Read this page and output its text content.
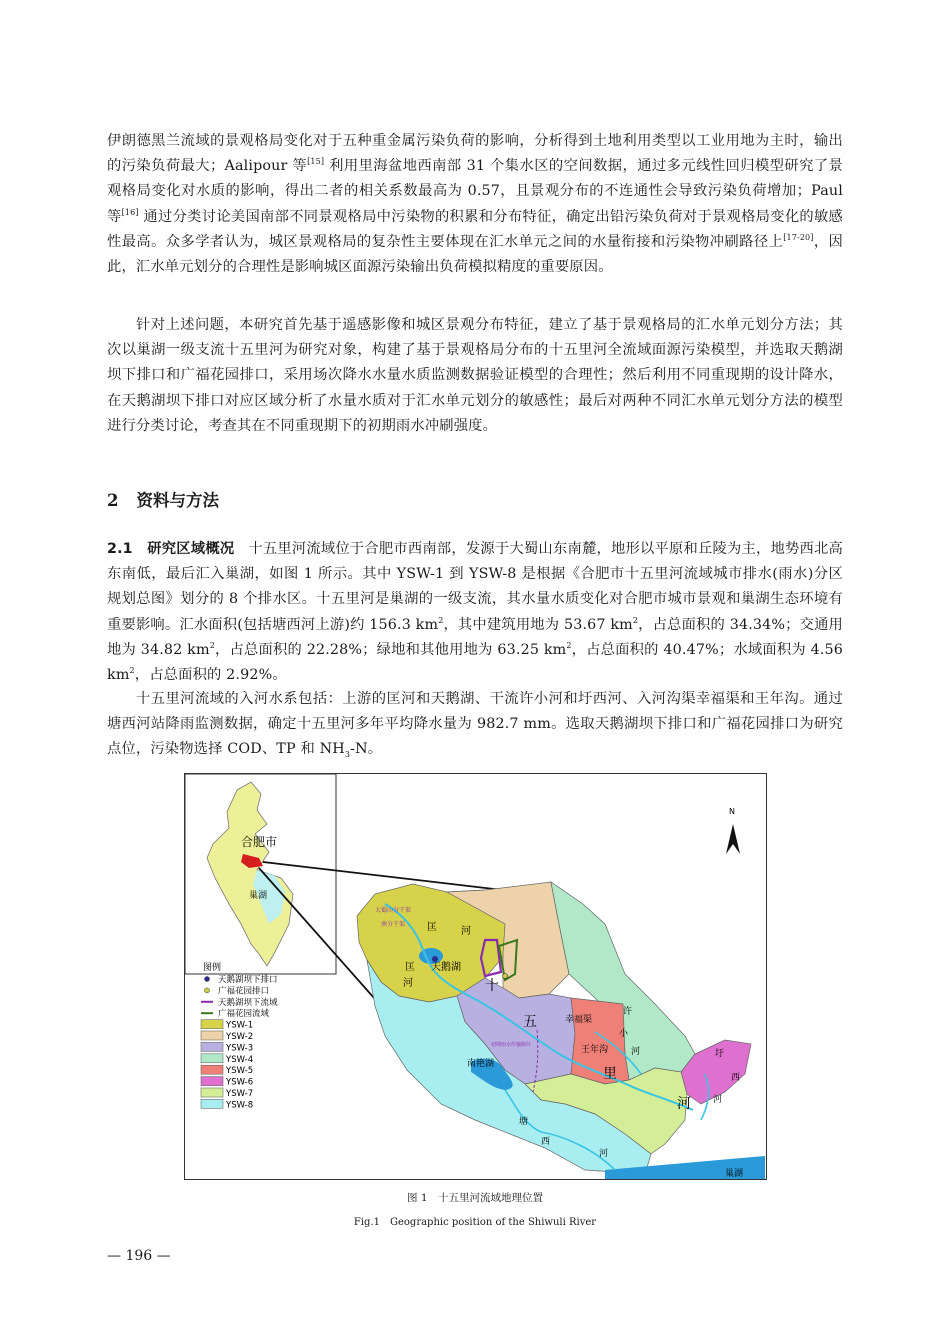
伊朗德黑兰流域的景观格局变化对于五种重金属污染负荷的影响，分析得到土地利用类型以工业用地为主时，输出的污染负荷最大；Aalipour 等[15] 利用里海盆地西南部 31 个集水区的空间数据，通过多元线性回归模型研究了景观格局变化对水质的影响，得出二者的相关系数最高为 0.57，且景观分布的不连通性会导致污染负荷增加；Paul 等[16] 通过分类讨论美国南部不同景观格局中污染物的积累和分布特征，确定出铅污染负荷对于景观格局变化的敏感性最高。众多学者认为，城区景观格局的复杂性主要体现在汇水单元之间的水量衔接和污染物冲刷路径上[17-20]，因此，汇水单元划分的合理性是影响城区面源污染输出负荷模拟精度的重要原因。

针对上述问题，本研究首先基于遥感影像和城区景观分布特征，建立了基于景观格局的汇水单元划分方法；其次以巢湖一级支流十五里河为研究对象，构建了基于景观格局分布的十五里河全流域面源污染模型，并选取天鹅湖坝下排口和广福花园排口，采用场次降水水量水质监测数据验证模型的合理性；然后利用不同重现期的设计降水，在天鹅湖坝下排口对应区域分析了水量水质对于汇水单元划分的敏感性；最后对两种不同汇水单元划分方法的模型进行分类讨论，考查其在不同重现期下的初期雨水冲刷强度。

2 资料与方法

2.1  研究区域概况 十五里河流域位于合肥市西南部，发源于大蜀山东南麓，地形以平原和丘陵为主，地势西北高东南低，最后汇入巢湖，如图 1 所示。其中 YSW-1 到 YSW-8 是根据《合肥市十五里河流域城市排水(雨水)分区规划总图》划分的 8 个排水区。十五里河是巢湖的一级支流，其水量水质变化对合肥市城市景观和巢湖生态环境有重要影响。汇水面积(包括塘西河上游)约 156.3 $km^2$，其中建筑用地为 53.67 $km^2$，占总面积的 34.34%；交通用地为 34.82 $km^2$，占总面积的 22.28%；绿地和其他用地为 63.25 $km^2$，占总面积的 40.47%；水域面积为 4.56 $km^2$，占总面积的 2.92%。

十五里河流域的入河水系包括：上游的匡河和天鹅湖、干流许小河和圩西河、入河沟渠幸福渠和王年沟。通过塘西河站降雨监测数据，确定十五里河多年平均降水量为 982.7 mm。选取天鹅湖坝下排口和广福花园排口为研究点位，污染物选择 COD、TP 和 $NH_3-N$。

合肥市
巢湖
N
图例
天鹅湖坝下排口
广福花园排口
天鹅湖坝下流域
广福花园流域
YSW-1
YSW-2
YSW-3
YSW-4
YSW-5
YSW-6
YSW-7
YSW-8
大蜀山分干渠
南分干渠 匡 河
匡
河
天鹅湖
十
五
里
河
幸福渠
王年沟
许
小
河	圩
西
河
南艳湖
塘
西
河
巢湖
初期雨水传输路径
图 1　十五里河流域地理位置
Fig.1　Geographic position of the Shiwuli River
— 196 —
